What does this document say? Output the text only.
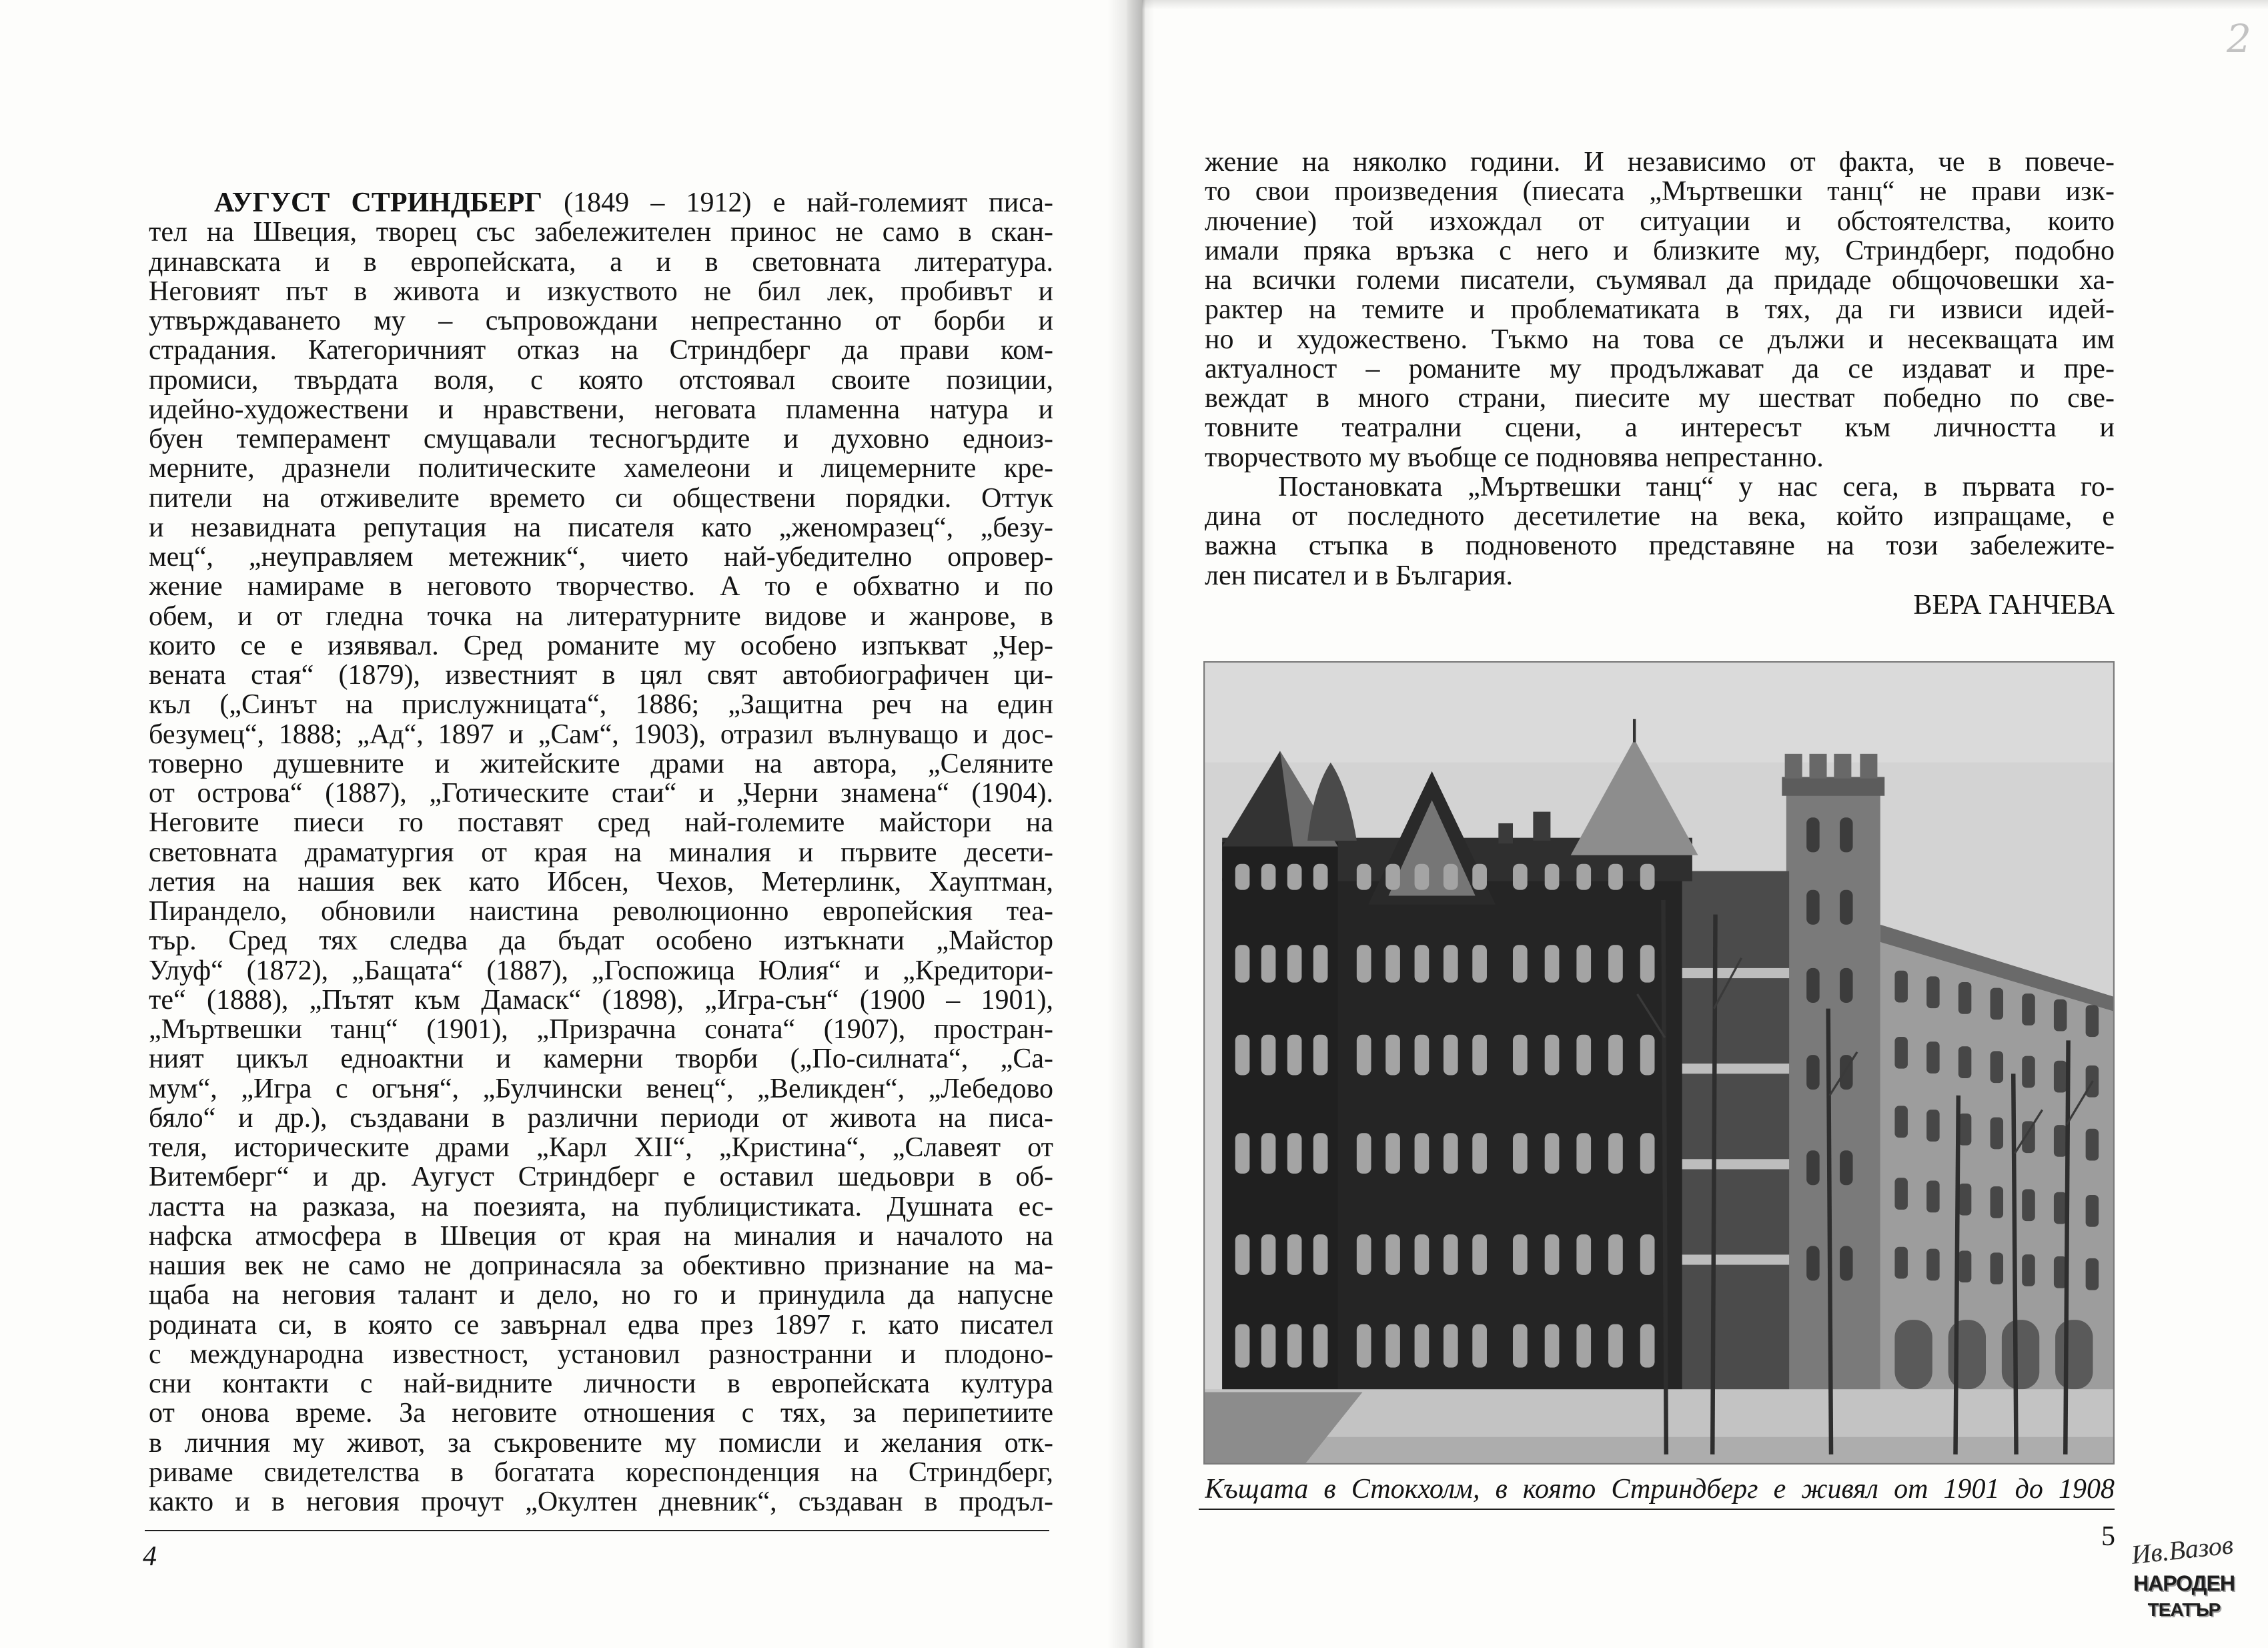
АУГУСТ СТРИНДБЕРГ (1849 – 1912) е най-големият писа-
тел на Швеция, творец със забележителен принос не само в скан-
динавската и в европейската, а и в световната литература.
Неговият път в живота и изкуството не бил лек, пробивът и
утвърждаването му – съпровождани непрестанно от борби и
страдания. Категоричният отказ на Стриндберг да прави ком-
промиси, твърдата воля, с която отстоявал своите позиции,
идейно-художествени и нравствени, неговата пламенна натура и
буен темперамент смущавали тесногърдите и духовно едноиз-
мерните, дразнели политическите хамелеони и лицемерните кре-
пители на отживелите времето си обществени порядки. Оттук
и незавидната репутация на писателя като „женомразец“, „безу-
мец“, „неуправляем метежник“, чието най-убедително опровер-
жение намираме в неговото творчество. А то е обхватно и по
обем, и от гледна точка на литературните видове и жанрове, в
които се е изявявал. Сред романите му особено изпъкват „Чер-
вената стая“ (1879), известният в цял свят автобиографичен ци-
къл („Синът на прислужницата“, 1886; „Защитна реч на един
безумец“, 1888; „Ад“, 1897 и „Сам“, 1903), отразил вълнуващо и дос-
товерно душевните и житейските драми на автора, „Селяните
от острова“ (1887), „Готическите стаи“ и „Черни знамена“ (1904).
Неговите пиеси го поставят сред най-големите майстори на
световната драматургия от края на миналия и първите десети-
летия на нашия век като Ибсен, Чехов, Метерлинк, Хауптман,
Пирандело, обновили наистина революционно европейския теа-
тър. Сред тях следва да бъдат особено изтъкнати „Майстор
Улуф“ (1872), „Бащата“ (1887), „Госпожица Юлия“ и „Кредитори-
те“ (1888), „Пътят към Дамаск“ (1898), „Игра-сън“ (1900 – 1901),
„Мъртвешки танц“ (1901), „Призрачна соната“ (1907), простран-
ният цикъл едноактни и камерни творби („По-силната“, „Са-
мум“, „Игра с огъня“, „Булчински венец“, „Великден“, „Лебедово
бяло“ и др.), създавани в различни периоди от живота на писа-
теля, историческите драми „Карл XII“, „Кристина“, „Славеят от
Витемберг“ и др. Аугуст Стриндберг е оставил шедьоври в об-
ластта на разказа, на поезията, на публицистиката. Душната ес-
нафска атмосфера в Швеция от края на миналия и началото на
нашия век не само не допринасяла за обективно признание на ма-
щаба на неговия талант и дело, но го и принудила да напусне
родината си, в която се завърнал едва през 1897 г. като писател
с международна известност, установил разностранни и плодоно-
сни контакти с най-видните личности в европейската култура
от онова време. За неговите отношения с тях, за перипетиите
в личния му живот, за съкровените му помисли и желания отк-
риваме свидетелства в богатата кореспонденция на Стриндберг,
както и в неговия прочут „Окултен дневник“, създаван в продъл-
жение на няколко години. И независимо от факта, че в повече-
то свои произведения (пиесата „Мъртвешки танц“ не прави изк-
лючение) той изхождал от ситуации и обстоятелства, които
имали пряка връзка с него и близките му, Стриндберг, подобно
на всички големи писатели, съумявал да придаде общочовешки ха-
рактер на темите и проблематиката в тях, да ги извиси идей-
но и художествено. Тъкмо на това се дължи и несекващата им
актуалност – романите му продължават да се издават и пре-
веждат в много страни, пиесите му шестват победно по све-
товните театрални сцени, а интересът към личността и
творчеството му въобще се подновява непрестанно.
Постановката „Мъртвешки танц“ у нас сега, в първата го-
дина от последното десетилетие на века, който изпращаме, е
важна стъпка в подновеното представяне на този забележите-
лен писател и в България.
ВЕРА ГАНЧЕВА
Къщата в Стокхолм, в която Стриндберг е живял от 1901 до 1908
4
5 Ив.Вазов
НАРОДЕН
ТЕАТЪР
2
